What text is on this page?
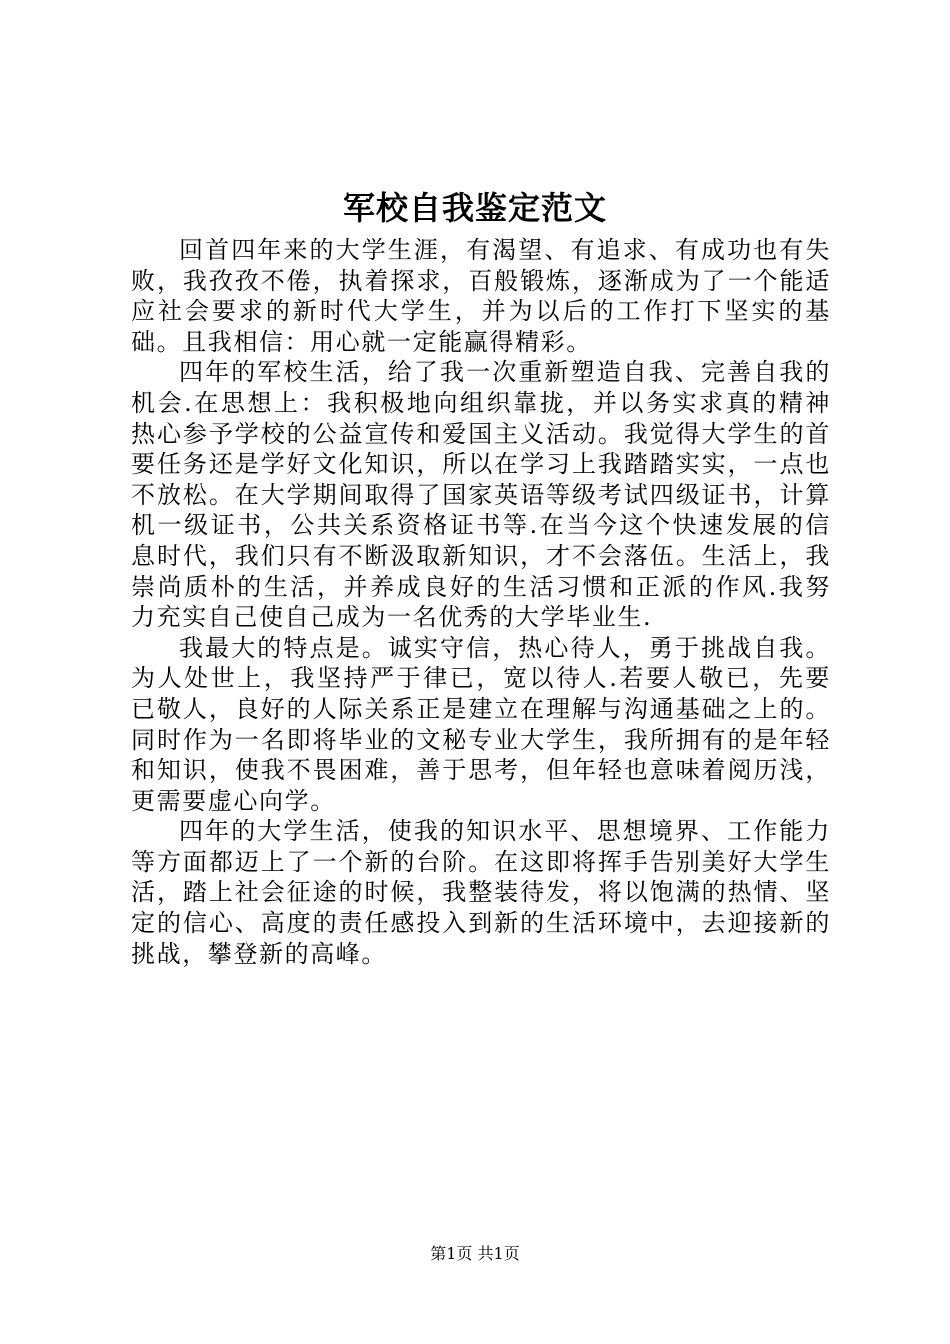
军校自我鉴定范文

回首四年来的大学生涯，有渴望、有追求、有成功也有失败，我孜孜不倦，执着探求，百般锻炼，逐渐成为了一个能适应社会要求的新时代大学生，并为以后的工作打下坚实的基础。且我相信：用心就一定能赢得精彩。

四年的军校生活，给了我一次重新塑造自我、完善自我的机会.在思想上：我积极地向组织靠拢，并以务实求真的精神热心参予学校的公益宣传和爱国主义活动。我觉得大学生的首要任务还是学好文化知识，所以在学习上我踏踏实实，一点也不放松。在大学期间取得了国家英语等级考试四级证书，计算机一级证书，公共关系资格证书等.在当今这个快速发展的信息时代，我们只有不断汲取新知识，才不会落伍。生活上，我崇尚质朴的生活，并养成良好的生活习惯和正派的作风.我努力充实自己使自己成为一名优秀的大学毕业生.

我最大的特点是。诚实守信，热心待人，勇于挑战自我。为人处世上，我坚持严于律已，宽以待人.若要人敬已，先要已敬人，良好的人际关系正是建立在理解与沟通基础之上的。同时作为一名即将毕业的文秘专业大学生，我所拥有的是年轻和知识，使我不畏困难，善于思考，但年轻也意味着阅历浅，更需要虚心向学。

四年的大学生活，使我的知识水平、思想境界、工作能力等方面都迈上了一个新的台阶。在这即将挥手告别美好大学生活，踏上社会征途的时候，我整装待发，将以饱满的热情、坚定的信心、高度的责任感投入到新的生活环境中，去迎接新的挑战，攀登新的高峰。

第1页 共1页
